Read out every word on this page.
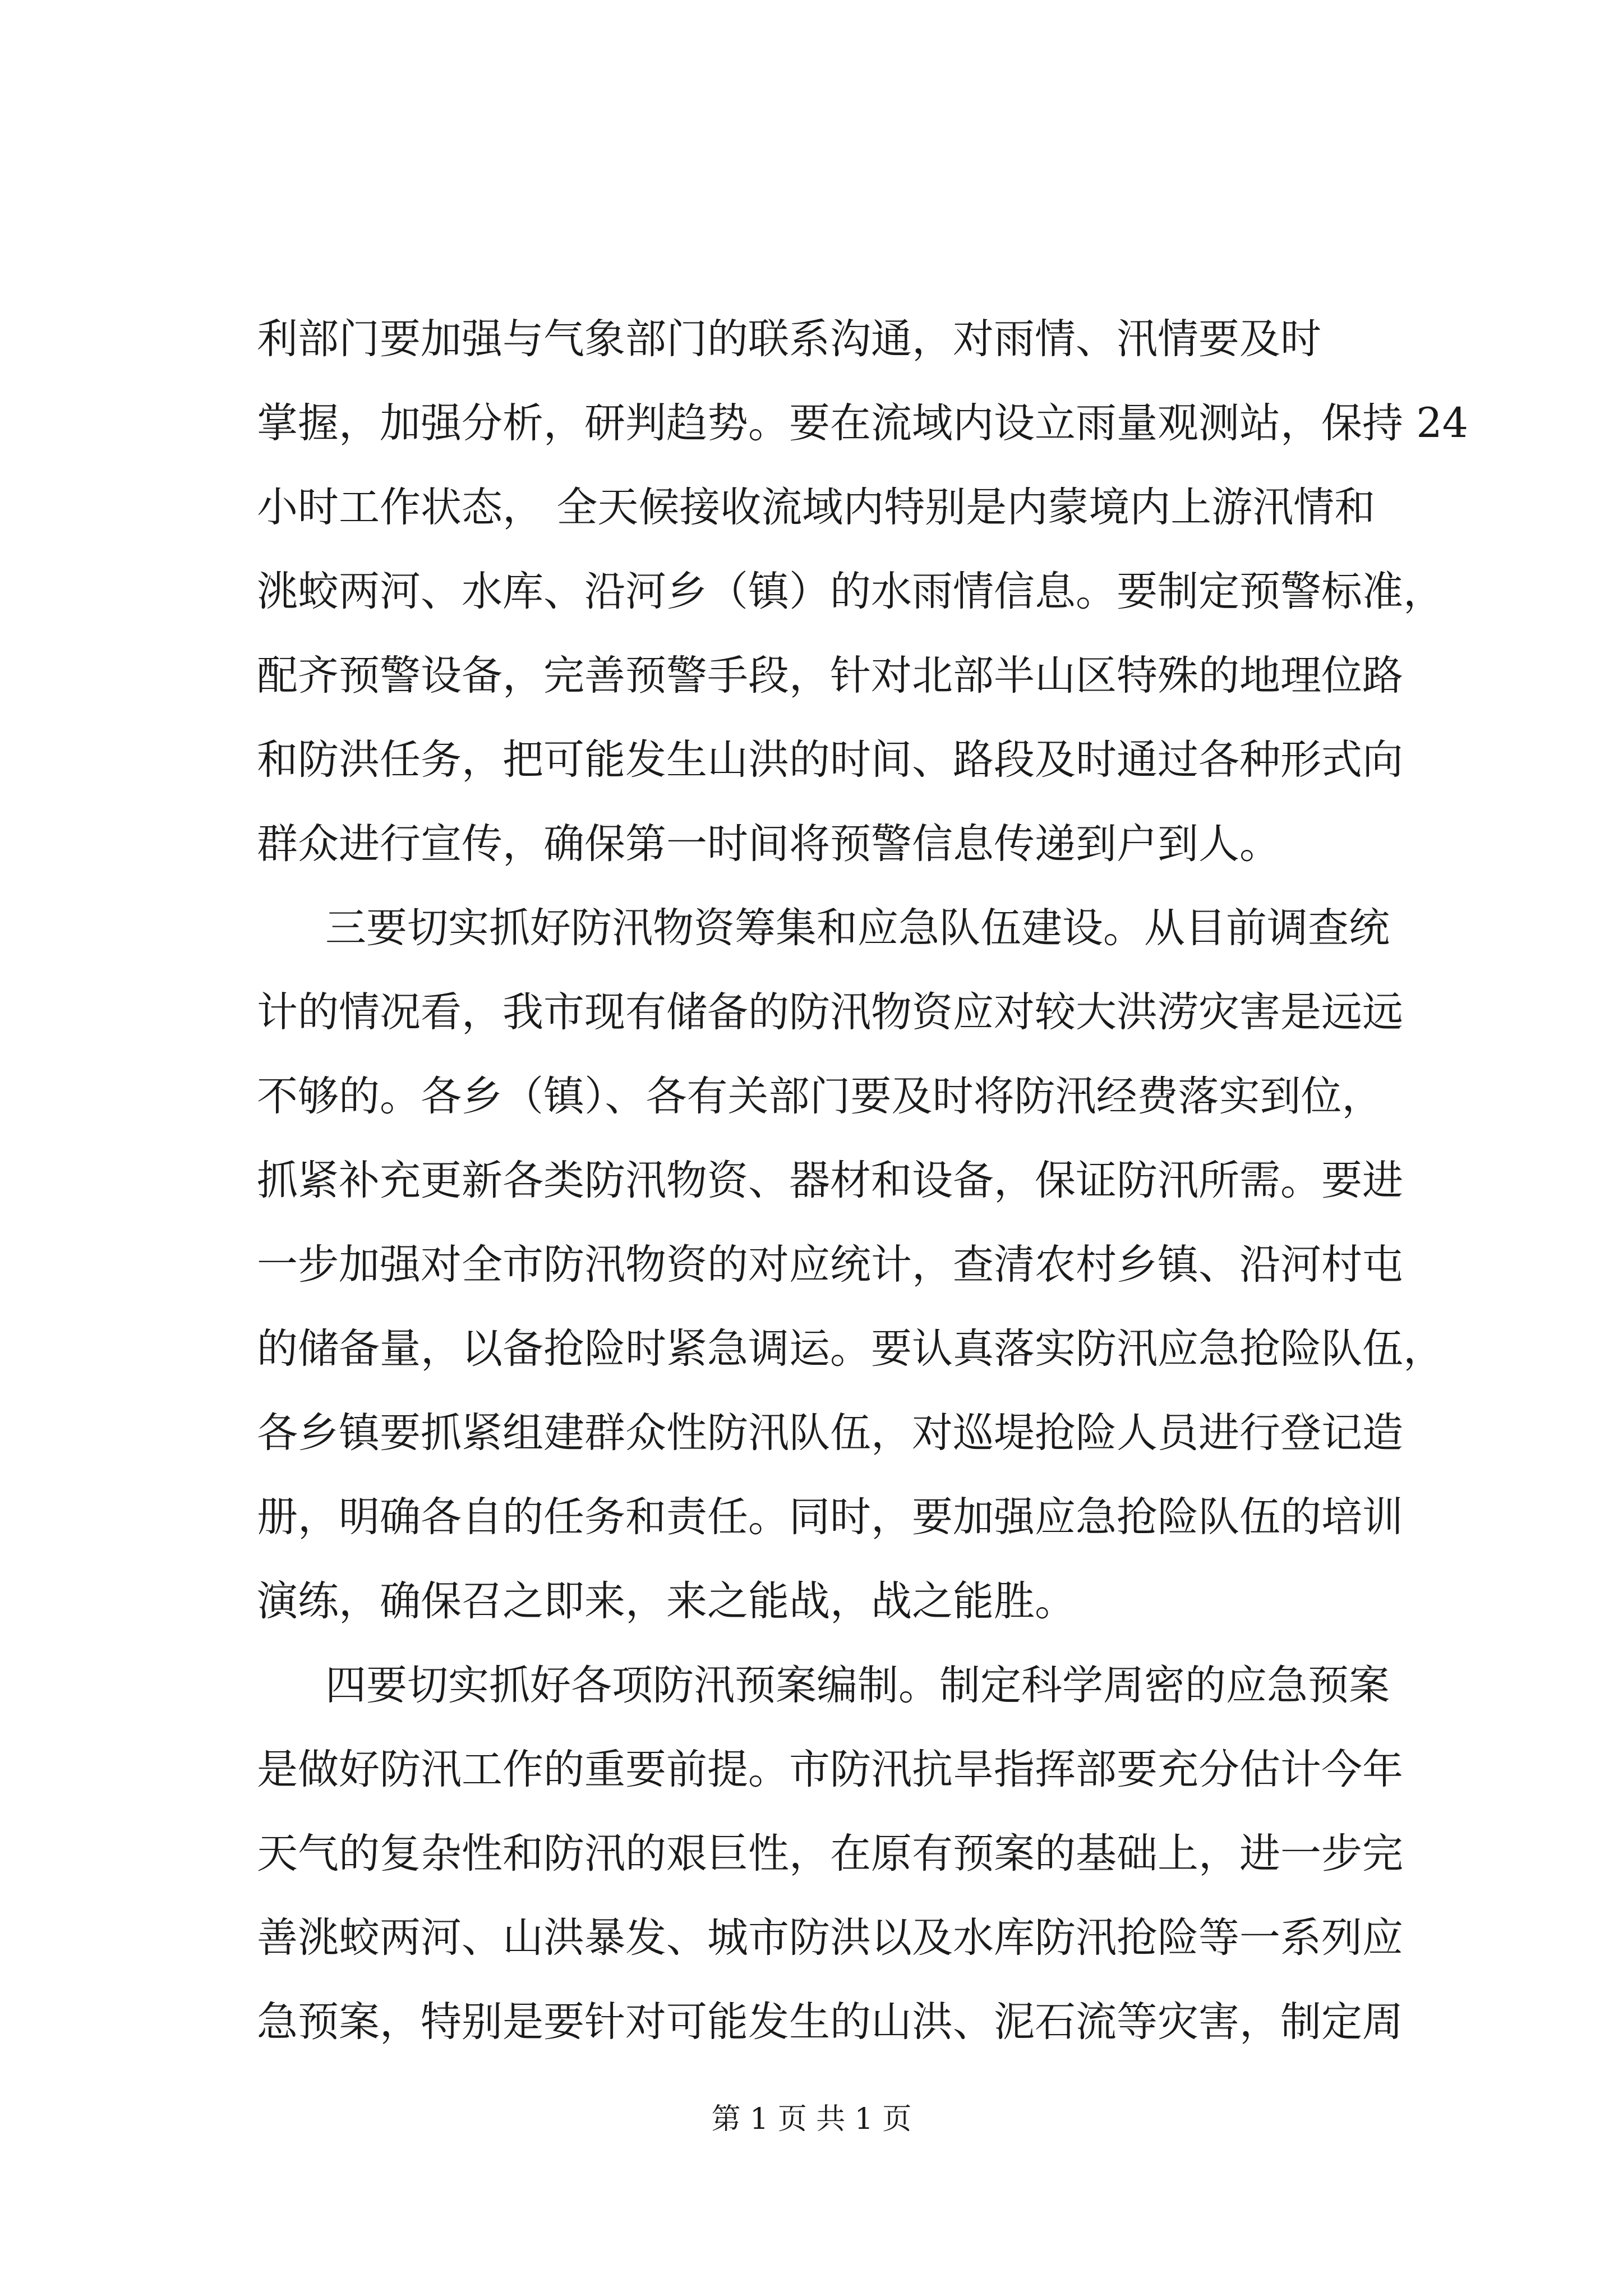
利部门要加强与气象部门的联系沟通，对雨情、汛情要及时
掌握，加强分析，研判趋势。要在流域内设立雨量观测站，保持 24
小时工作状态， 全天候接收流域内特别是内蒙境内上游汛情和
洮蛟两河、水库、沿河乡（镇）的水雨情信息。要制定预警标准，
配齐预警设备，完善预警手段，针对北部半山区特殊的地理位路
和防洪任务，把可能发生山洪的时间、路段及时通过各种形式向
群众进行宣传，确保第一时间将预警信息传递到户到人。
三要切实抓好防汛物资筹集和应急队伍建设。从目前调查统
计的情况看，我市现有储备的防汛物资应对较大洪涝灾害是远远
不够的。各乡（镇）、各有关部门要及时将防汛经费落实到位，
抓紧补充更新各类防汛物资、器材和设备，保证防汛所需。要进
一步加强对全市防汛物资的对应统计，查清农村乡镇、沿河村屯
的储备量，以备抢险时紧急调运。要认真落实防汛应急抢险队伍，
各乡镇要抓紧组建群众性防汛队伍，对巡堤抢险人员进行登记造
册，明确各自的任务和责任。同时，要加强应急抢险队伍的培训
演练，确保召之即来，来之能战，战之能胜。
四要切实抓好各项防汛预案编制。制定科学周密的应急预案
是做好防汛工作的重要前提。市防汛抗旱指挥部要充分估计今年
天气的复杂性和防汛的艰巨性，在原有预案的基础上，进一步完
善洮蛟两河、山洪暴发、城市防洪以及水库防汛抢险等一系列应
急预案，特别是要针对可能发生的山洪、泥石流等灾害，制定周
第 1 页 共 1 页
